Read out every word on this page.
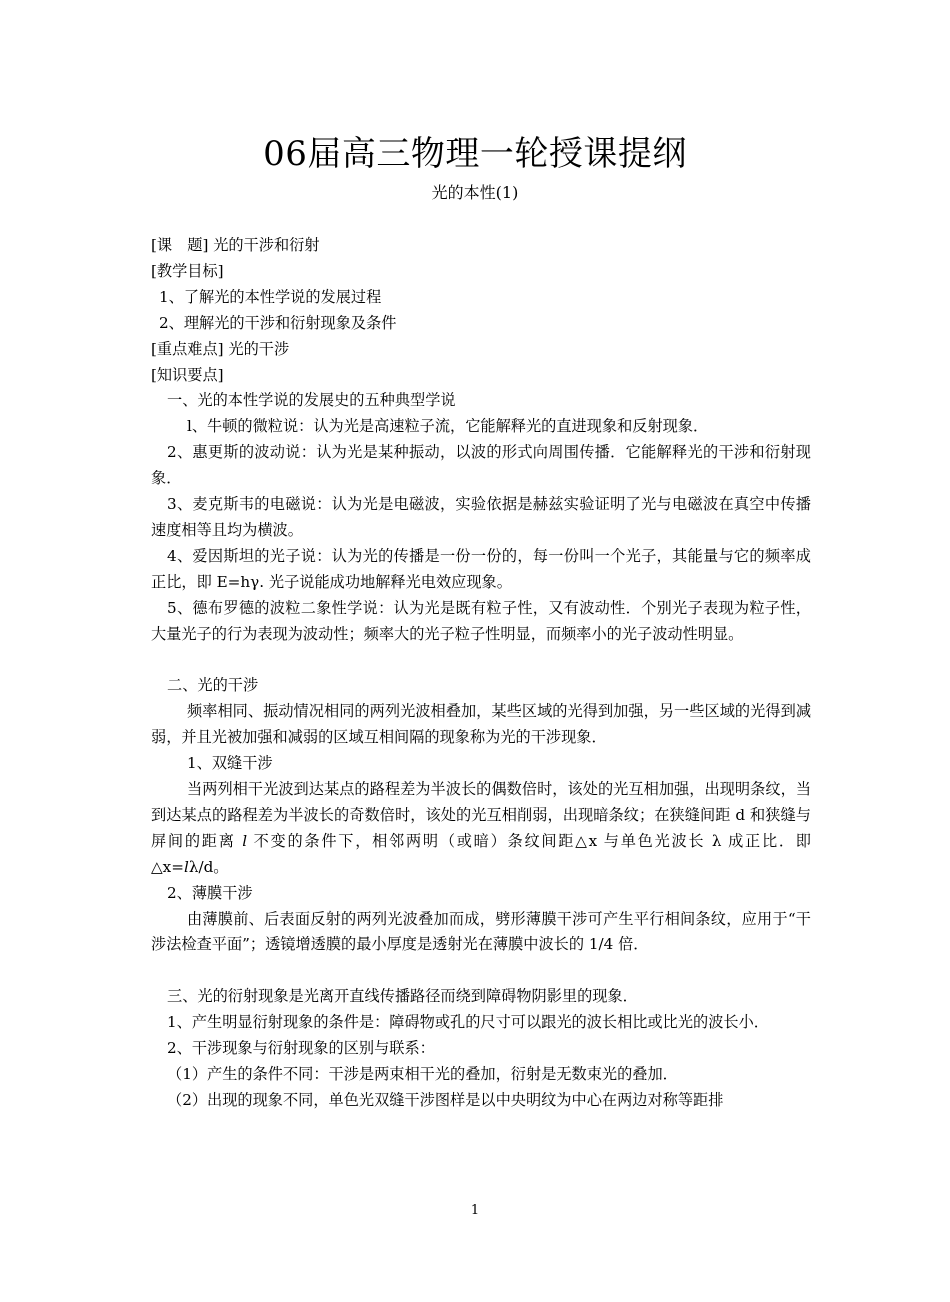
06届高三物理一轮授课提纲
光的本性(1)

[课　题] 光的干涉和衍射

[教学目标]

1、了解光的本性学说的发展过程

2、理解光的干涉和衍射现象及条件

[重点难点] 光的干涉

[知识要点]

一、光的本性学说的发展史的五种典型学说

l、牛顿的微粒说：认为光是高速粒子流，它能解释光的直进现象和反射现象．

2、惠更斯的波动说：认为光是某种振动，以波的形式向周围传播．它能解释光的干涉和衍射现象．

3、麦克斯韦的电磁说：认为光是电磁波，实验依据是赫兹实验证明了光与电磁波在真空中传播速度相等且均为横波。

4、爱因斯坦的光子说：认为光的传播是一份一份的，每一份叫一个光子，其能量与它的频率成正比，即 E=hγ. 光子说能成功地解释光电效应现象。

5、德布罗德的波粒二象性学说：认为光是既有粒子性，又有波动性．个别光子表现为粒子性，大量光子的行为表现为波动性；频率大的光子粒子性明显，而频率小的光子波动性明显。

二、光的干涉

频率相同、振动情况相同的两列光波相叠加，某些区域的光得到加强，另一些区域的光得到减弱，并且光被加强和减弱的区域互相间隔的现象称为光的干涉现象．

1、双缝干涉

当两列相干光波到达某点的路程差为半波长的偶数倍时，该处的光互相加强，出现明条纹，当到达某点的路程差为半波长的奇数倍时，该处的光互相削弱，出现暗条纹；在狭缝间距 d 和狭缝与屏间的距离 l 不变的条件下，相邻两明（或暗）条纹间距△x 与单色光波长 λ 成正比．即△x=lλ/d。

2、薄膜干涉

由薄膜前、后表面反射的两列光波叠加而成，劈形薄膜干涉可产生平行相间条纹，应用于“干涉法检查平面”；透镜增透膜的最小厚度是透射光在薄膜中波长的 1/4 倍．

三、光的衍射现象是光离开直线传播路径而绕到障碍物阴影里的现象．

1、产生明显衍射现象的条件是：障碍物或孔的尺寸可以跟光的波长相比或比光的波长小．

2、干涉现象与衍射现象的区别与联系：

（1）产生的条件不同：干涉是两束相干光的叠加，衍射是无数束光的叠加．

（2）出现的现象不同，单色光双缝干涉图样是以中央明纹为中心在两边对称等距排

1
